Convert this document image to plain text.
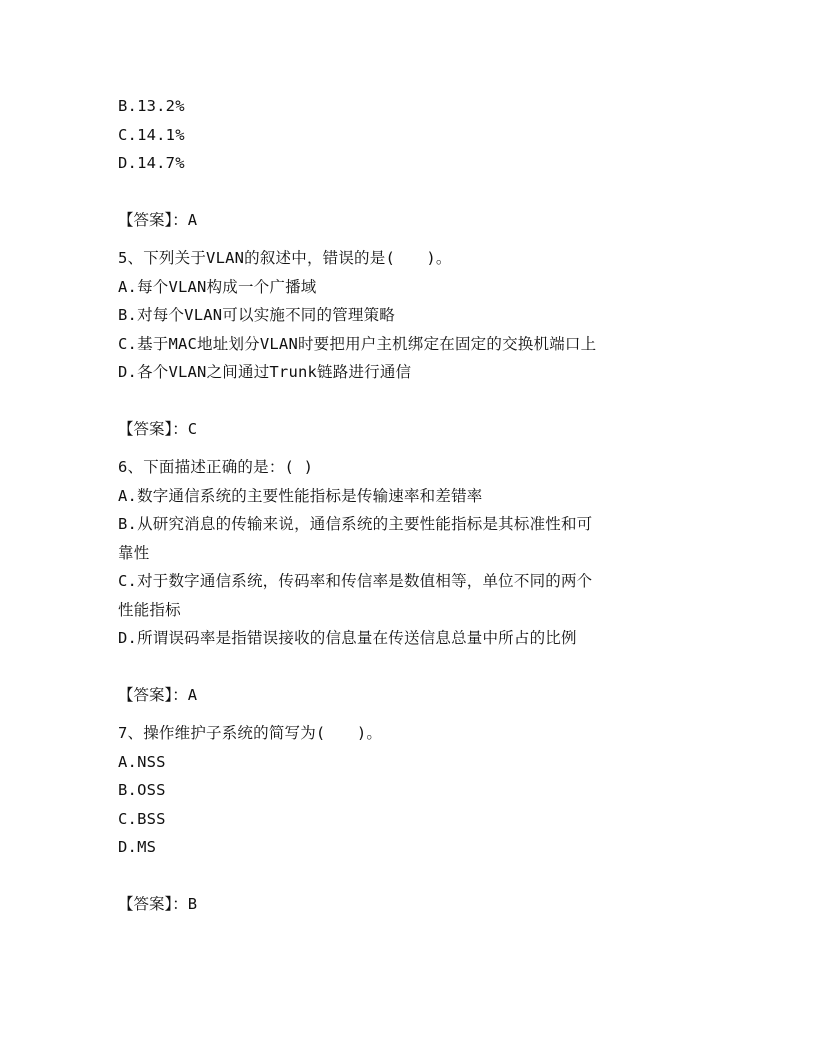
B.13.2%
C.14.1%
D.14.7%
【答案】：A
5、下列关于VLAN的叙述中，错误的是(　　)。
A.每个VLAN构成一个广播域
B.对每个VLAN可以实施不同的管理策略
C.基于MAC地址划分VLAN时要把用户主机绑定在固定的交换机端口上
D.各个VLAN之间通过Trunk链路进行通信
【答案】：C
6、下面描述正确的是：( )
A.数字通信系统的主要性能指标是传输速率和差错率
B.从研究消息的传输来说，通信系统的主要性能指标是其标准性和可
靠性
C.对于数字通信系统，传码率和传信率是数值相等，单位不同的两个
性能指标
D.所谓误码率是指错误接收的信息量在传送信息总量中所占的比例
【答案】：A
7、操作维护子系统的简写为(　　)。
A.NSS
B.OSS
C.BSS
D.MS
【答案】：B
